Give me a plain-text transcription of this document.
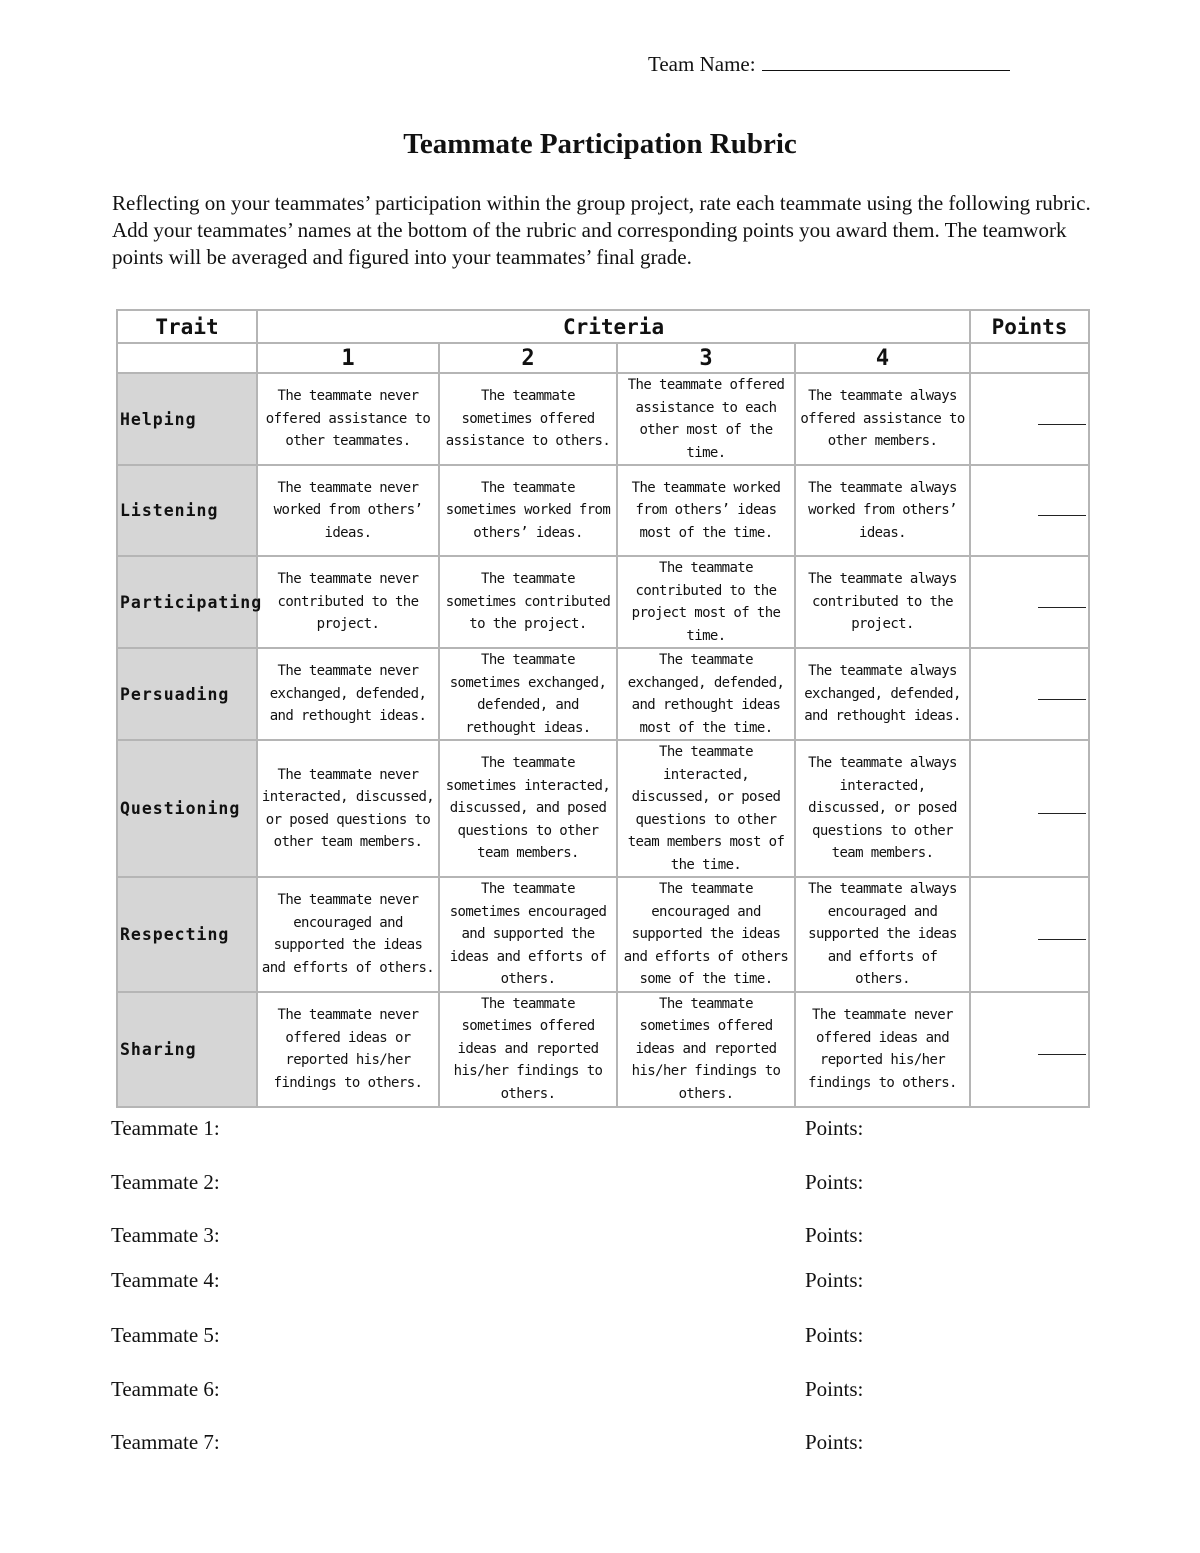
Team Name:
Teammate Participation Rubric

Reflecting on your teammates’ participation within the group project, rate each teammate using the following rubric. Add your teammates’ names at the bottom of the rubric and corresponding points you award them. The teamwork points will be averaged and figured into your teammates’ final grade.

Trait	Criteria				Points
	1	2	3	4	
Helping	The teammate never offered assistance to other teammates.	The teammate sometimes offered assistance to others.	The teammate offered assistance to each other most of the time.	The teammate always offered assistance to other members.	
Listening	The teammate never worked from others’ ideas.	The teammate sometimes worked from others’ ideas.	The teammate worked from others’ ideas most of the time.	The teammate always worked from others’ ideas.	
Participating	The teammate never contributed to the project.	The teammate sometimes contributed to the project.	The teammate contributed to the project most of the time.	The teammate always contributed to the project.	
Persuading	The teammate never exchanged, defended, and rethought ideas.	The teammate sometimes exchanged, defended, and rethought ideas.	The teammate exchanged, defended, and rethought ideas most of the time.	The teammate always exchanged, defended, and rethought ideas.	
Questioning	The teammate never interacted, discussed, or posed questions to other team members.	The teammate sometimes interacted, discussed, and posed questions to other team members.	The teammate interacted, discussed, or posed questions to other team members most of the time.	The teammate always interacted, discussed, or posed questions to other team members.	
Respecting	The teammate never encouraged and supported the ideas and efforts of others.	The teammate sometimes encouraged and supported the ideas and efforts of others.	The teammate encouraged and supported the ideas and efforts of others some of the time.	The teammate always encouraged and supported the ideas and efforts of others.	
Sharing	The teammate never offered ideas or reported his/her findings to others.	The teammate sometimes offered ideas and reported his/her findings to others.	The teammate sometimes offered ideas and reported his/her findings to others.	The teammate never offered ideas and reported his/her findings to others.	
Teammate 1:	Points:
Teammate 2:	Points:
Teammate 3:	Points:
Teammate 4:	Points:
Teammate 5:	Points:
Teammate 6:	Points:
Teammate 7:	Points:
